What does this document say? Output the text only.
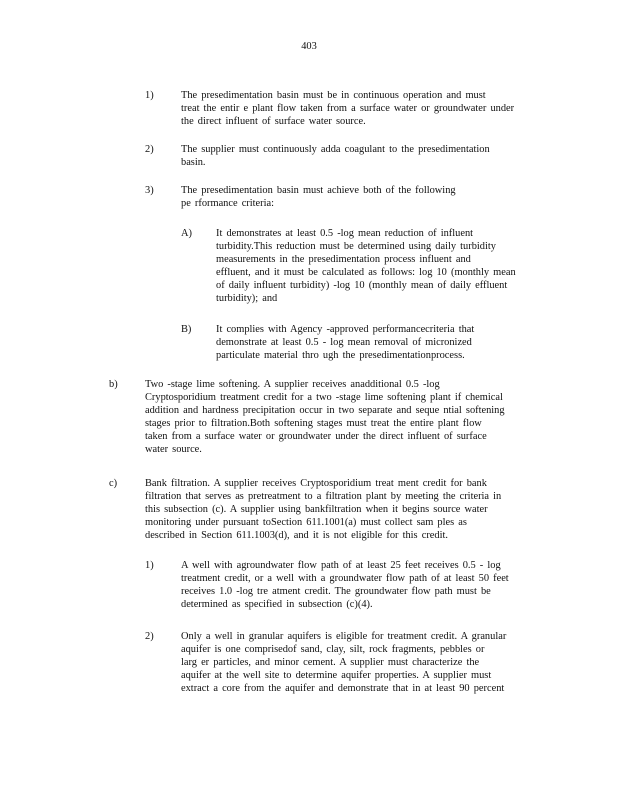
403
1)	The presedimentation basin must be in continuous operation and must
treat the entir e plant flow taken from a surface water or groundwater under
the direct influent of surface water source.
2)	The supplier must continuously adda coagulant to the presedimentation
basin.
3)	The presedimentation basin must achieve both of the following
pe rformance criteria:
A) It demonstrates at least 0.5 -log mean reduction of influent
turbidity.This reduction must be determined using daily turbidity
measurements in the presedimentation process influent and
effluent, and it must be calculated as follows: log 10 (monthly mean
of daily influent turbidity) -log 10 (monthly mean of daily effluent
turbidity); and
B) It complies with Agency -approved performancecriteria that
demonstrate at least 0.5 - log mean removal of micronized
particulate material thro ugh the presedimentationprocess.
b)	Two -stage lime softening. A supplier receives anadditional 0.5 -log
Cryptosporidium treatment credit for a two -stage lime softening plant if chemical
addition and hardness precipitation occur in two separate and seque ntial softening
stages prior to filtration.Both softening stages must treat the entire plant flow
taken from a surface water or groundwater under the direct influent of surface
water source.
c)	Bank filtration. A supplier receives Cryptosporidium treat ment credit for bank
filtration that serves as pretreatment to a filtration plant by meeting the criteria in
this subsection (c). A supplier using bankfiltration when it begins source water
monitoring under pursuant toSection 611.1001(a) must collect sam ples as
described in Section 611.1003(d), and it is not eligible for this credit.
1)	A well with agroundwater flow path of at least 25 feet receives 0.5 - log
treatment credit, or a well with a groundwater flow path of at least 50 feet
receives 1.0 -log tre atment credit. The groundwater flow path must be
determined as specified in subsection (c)(4).
2)	Only a well in granular aquifers is eligible for treatment credit. A granular
aquifer is one comprisedof sand, clay, silt, rock fragments, pebbles or
larg er particles, and minor cement. A supplier must characterize the
aquifer at the well site to determine aquifer properties. A supplier must
extract a core from the aquifer and demonstrate that in at least 90 percent
